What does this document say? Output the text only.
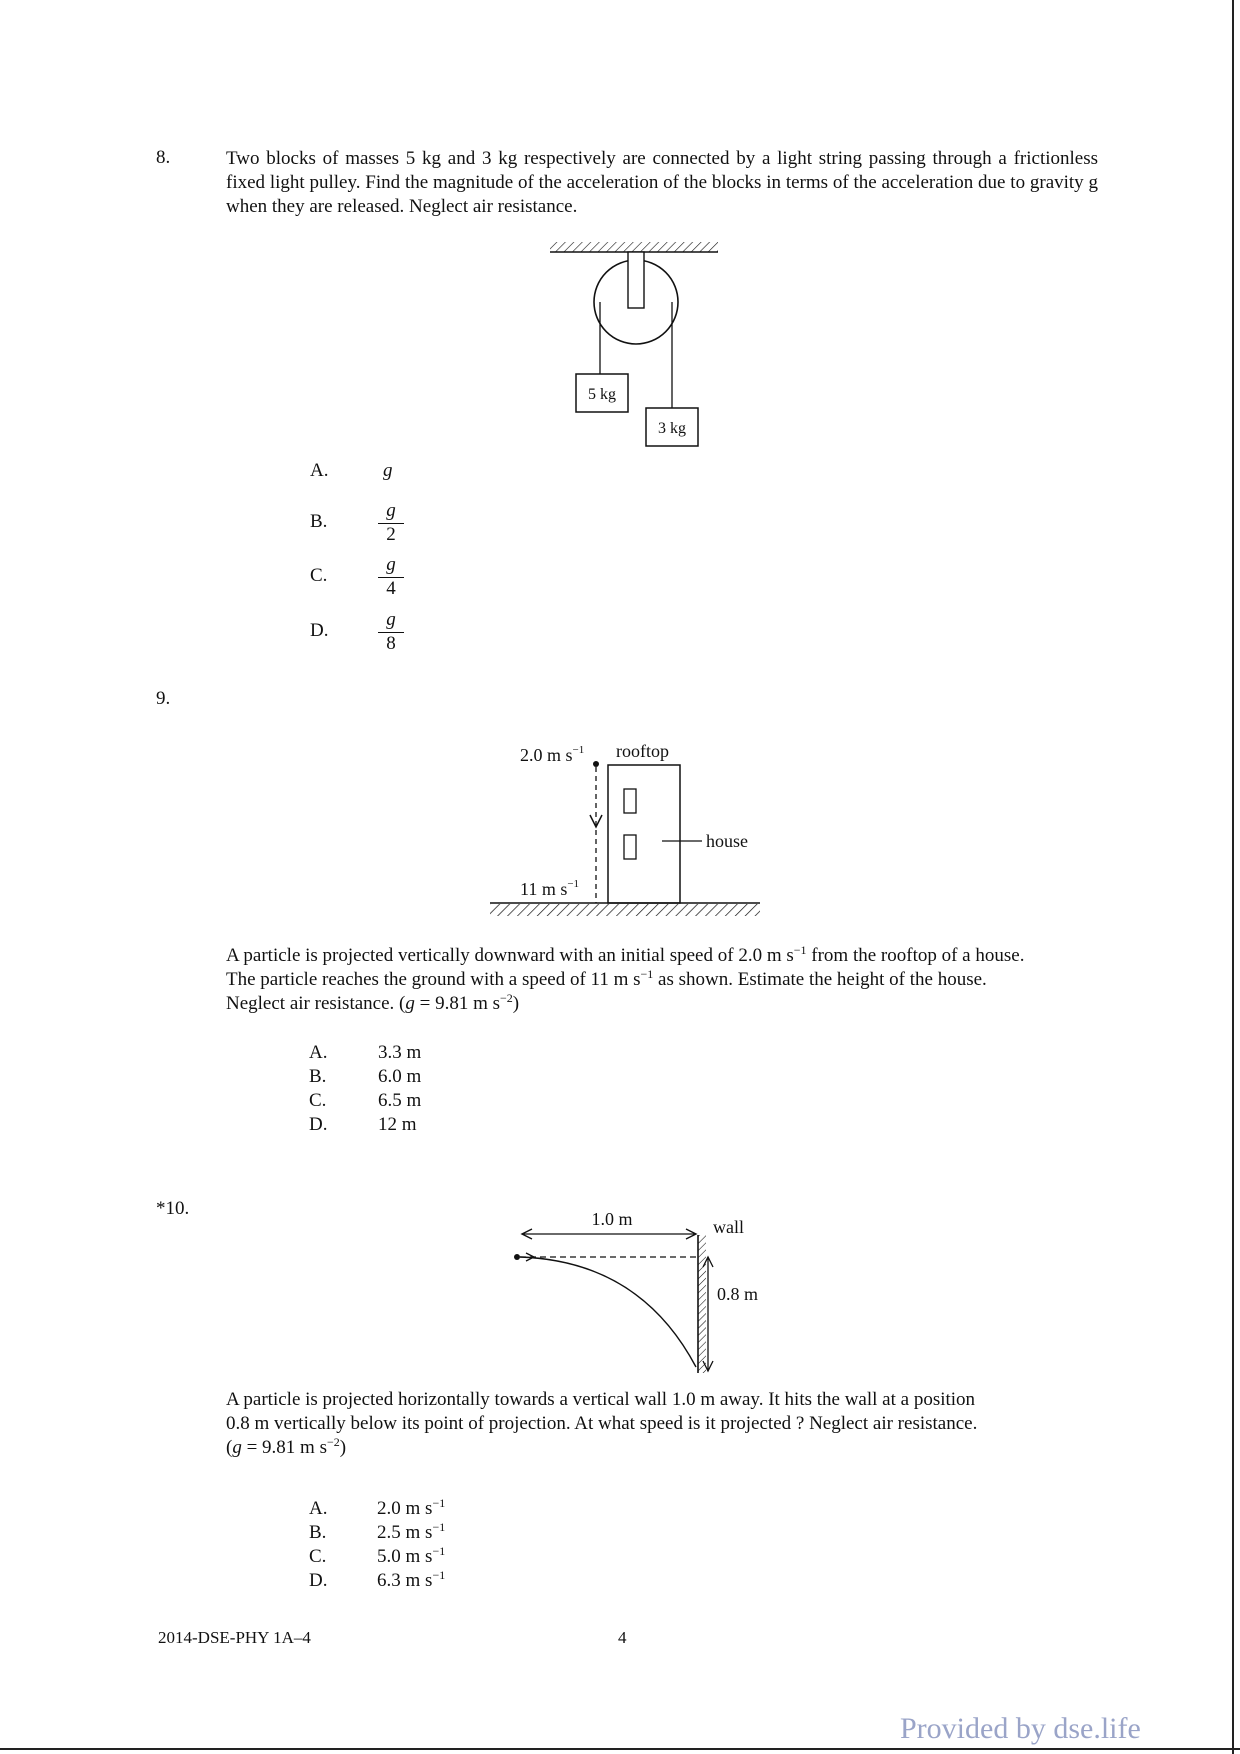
8.	Two blocks of masses 5 kg and 3 kg respectively are connected by a light string passing through a frictionless fixed light pulley. Find the magnitude of the acceleration of the blocks in terms of the acceleration due to gravity g when they are released. Neglect air resistance.
5 kg
3 kg
A.	g
B.	$\frac{g}{2}$
C.	$\frac{g}{4}$
D.	$\frac{g}{8}$
9.
2.0 m $s^{-1}$ rooftop
house
11 m $s^{-1}$
A particle is projected vertically downward with an initial speed of 2.0 m $s^{-1}$ from the rooftop of a house.
The particle reaches the ground with a speed of 11 m $s^{-1}$ as shown. Estimate the height of the house.
Neglect air resistance. (g = 9.81 m $s^{-2}$)
A.	3.3 m
B.	6.0 m
C.	6.5 m
D.	12 m
*10.	1.0 m	wall
0.8 m
A particle is projected horizontally towards a vertical wall 1.0 m away. It hits the wall at a position
0.8 m vertically below its point of projection. At what speed is it projected ? Neglect air resistance.
(g = 9.81 m $s^{-2}$)
A.	2.0 m $s^{-1}$
B.	2.5 m $s^{-1}$
C.	5.0 m $s^{-1}$
D.	6.3 m $s^{-1}$
2014-DSE-PHY 1A–4	4
Provided by dse.life
